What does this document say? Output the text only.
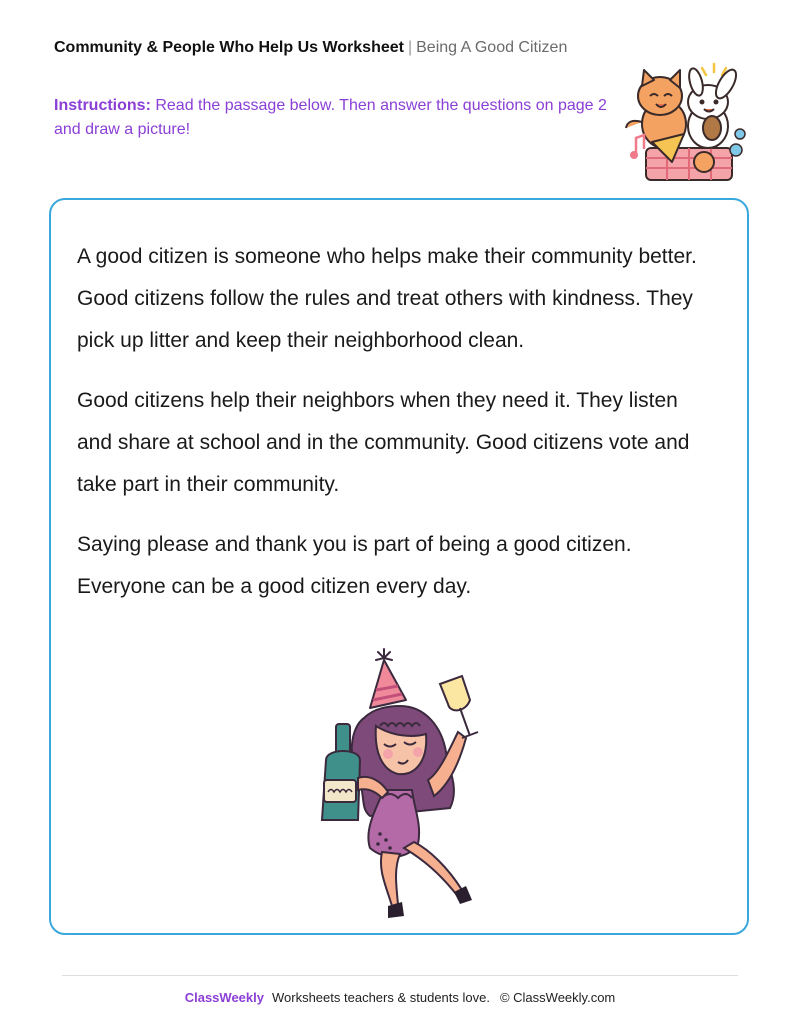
Community & People Who Help Us Worksheet | Being A Good Citizen
Instructions: Read the passage below. Then answer the questions on page 2 and draw a picture!

A good citizen is someone who helps make their community better. Good citizens follow the rules and treat others with kindness. They pick up litter and keep their neighborhood clean.

Good citizens help their neighbors when they need it. They listen and share at school and in the community. Good citizens vote and take part in their community.

Saying please and thank you is part of being a good citizen. Everyone can be a good citizen every day.

ClassWeekly Worksheets teachers & students love. © ClassWeekly.com
